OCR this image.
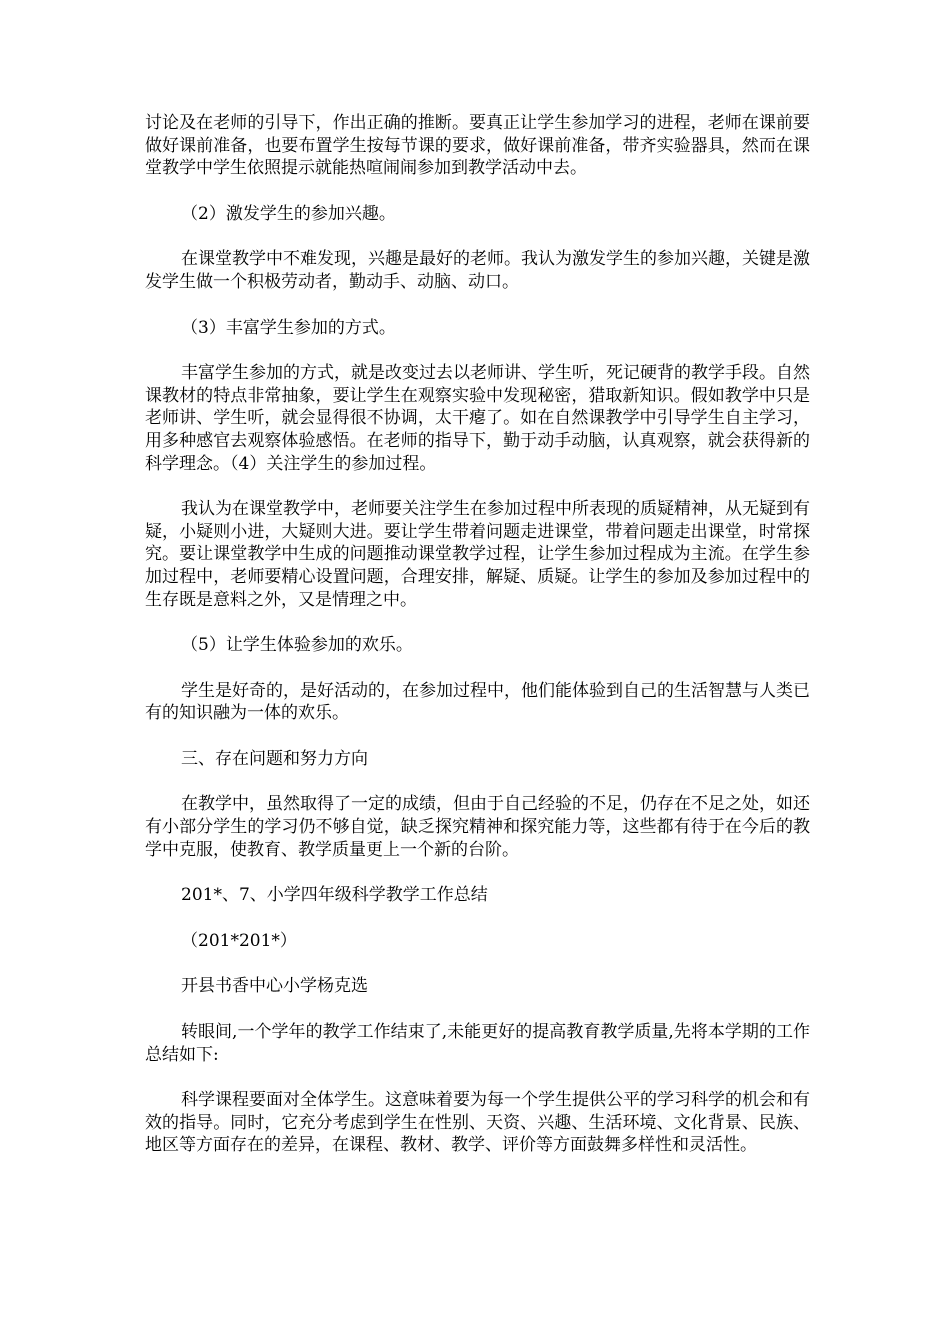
讨论及在老师的引导下，作出正确的推断。要真正让学生参加学习的进程，老师在课前要做好课前准备，也要布置学生按每节课的要求，做好课前准备，带齐实验器具，然而在课堂教学中学生依照提示就能热喧闹闹参加到教学活动中去。

（2）激发学生的参加兴趣。

在课堂教学中不难发现，兴趣是最好的老师。我认为激发学生的参加兴趣，关键是激发学生做一个积极劳动者，勤动手、动脑、动口。

（3）丰富学生参加的方式。

丰富学生参加的方式，就是改变过去以老师讲、学生听，死记硬背的教学手段。自然课教材的特点非常抽象，要让学生在观察实验中发现秘密，猎取新知识。假如教学中只是老师讲、学生听，就会显得很不协调，太干瘪了。如在自然课教学中引导学生自主学习，用多种感官去观察体验感悟。在老师的指导下，勤于动手动脑，认真观察，就会获得新的科学理念。（4）关注学生的参加过程。

我认为在课堂教学中，老师要关注学生在参加过程中所表现的质疑精神，从无疑到有疑，小疑则小进，大疑则大进。要让学生带着问题走进课堂，带着问题走出课堂，时常探究。要让课堂教学中生成的问题推动课堂教学过程，让学生参加过程成为主流。在学生参加过程中，老师要精心设置问题，合理安排，解疑、质疑。让学生的参加及参加过程中的生存既是意料之外，又是情理之中。

（5）让学生体验参加的欢乐。

学生是好奇的，是好活动的，在参加过程中，他们能体验到自己的生活智慧与人类已有的知识融为一体的欢乐。

三、存在问题和努力方向

在教学中，虽然取得了一定的成绩，但由于自己经验的不足，仍存在不足之处，如还有小部分学生的学习仍不够自觉，缺乏探究精神和探究能力等，这些都有待于在今后的教学中克服，使教育、教学质量更上一个新的台阶。

201*、7、小学四年级科学教学工作总结

（201*201*）

开县书香中心小学杨克选

转眼间,一个学年的教学工作结束了,未能更好的提高教育教学质量,先将本学期的工作总结如下:

科学课程要面对全体学生。这意味着要为每一个学生提供公平的学习科学的机会和有效的指导。同时，它充分考虑到学生在性别、天资、兴趣、生活环境、文化背景、民族、地区等方面存在的差异，在课程、教材、教学、评价等方面鼓舞多样性和灵活性。
